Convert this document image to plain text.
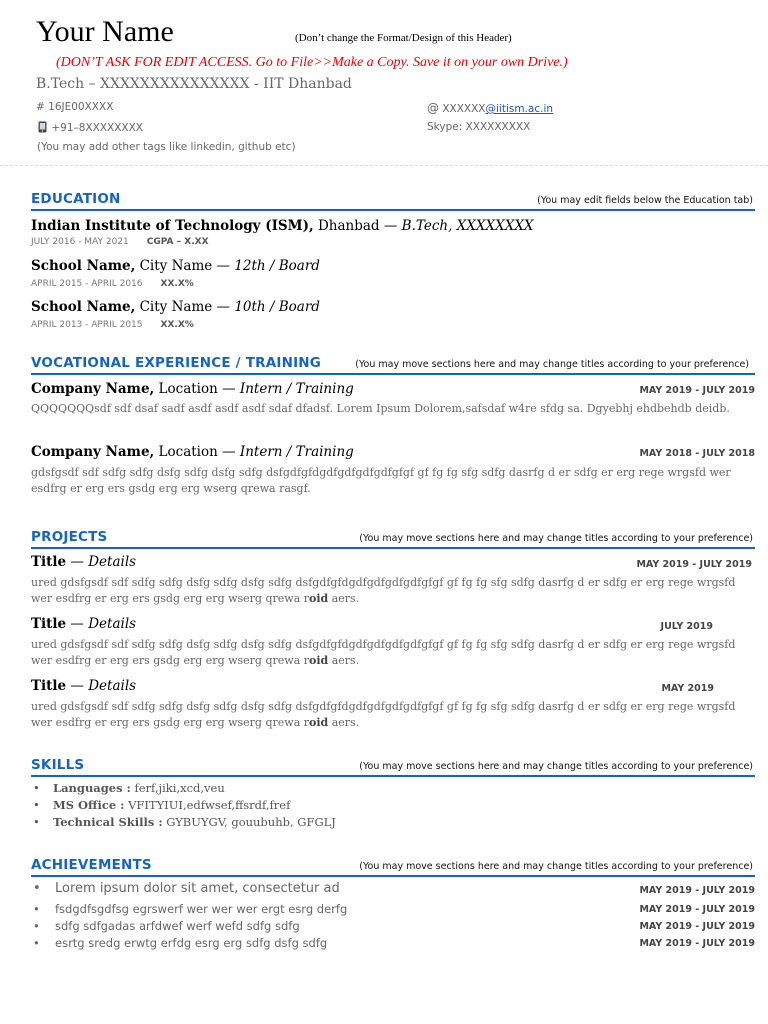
Your Name	(Don’t change the Format/Design of this Header)
(DON’T ASK FOR EDIT ACCESS. Go to File>>Make a Copy. Save it on your own Drive.)
B.Tech – XXXXXXXXXXXXXXX - IIT Dhanbad
# 16JE00XXXX	@ XXXXXX@iitism.ac.in
+91–8XXXXXXXX	Skype: XXXXXXXXX
(You may add other tags like linkedin, github etc)
EDUCATION	(You may edit fields below the Education tab)
Indian Institute of Technology (ISM), Dhanbad — B.Tech, XXXXXXXX
JULY 2016 - MAY 2021 CGPA – X.XX
School Name, City Name — 12th / Board
APRIL 2015 - APRIL 2016 XX.X%
School Name, City Name — 10th / Board
APRIL 2013 - APRIL 2015 XX.X%
VOCATIONAL EXPERIENCE / TRAINING	(You may move sections here and may change titles according to your preference)
Company Name, Location — Intern / Training	MAY 2019 - JULY 2019
QQQQQQQsdf sdf dsaf sadf asdf asdf asdf sdaf dfadsf. Lorem Ipsum Dolorem,safsdaf w4re sfdg sa. Dgyebhj ehdbehdb deidb.
Company Name, Location — Intern / Training	MAY 2018 - JULY 2018
gdsfgsdf sdf sdfg sdfg dsfg sdfg dsfg sdfg dsfgdfgfdgdfgdfgdfgdfgfgf gf fg fg sfg sdfg dasrfg d er sdfg er erg rege wrgsfd wer esdfrg er erg ers gsdg erg erg wserg qrewa rasgf.
PROJECTS	(You may move sections here and may change titles according to your preference)
Title — Details	MAY 2019 - JULY 2019
ured gdsfgsdf sdf sdfg sdfg dsfg sdfg dsfg sdfg dsfgdfgfdgdfgdfgdfgdfgfgf gf fg fg sfg sdfg dasrfg d er sdfg er erg rege wrgsfd wer esdfrg er erg ers gsdg erg erg wserg qrewa roid aers.
Title — Details	JULY 2019
ured gdsfgsdf sdf sdfg sdfg dsfg sdfg dsfg sdfg dsfgdfgfdgdfgdfgdfgdfgfgf gf fg fg sfg sdfg dasrfg d er sdfg er erg rege wrgsfd wer esdfrg er erg ers gsdg erg erg wserg qrewa roid aers.
Title — Details	MAY 2019
ured gdsfgsdf sdf sdfg sdfg dsfg sdfg dsfg sdfg dsfgdfgfdgdfgdfgdfgdfgfgf gf fg fg sfg sdfg dasrfg d er sdfg er erg rege wrgsfd wer esdfrg er erg ers gsdg erg erg wserg qrewa roid aers.
SKILLS	(You may move sections here and may change titles according to your preference)
• Languages : ferf,jiki,xcd,veu
• MS Office : VFITYIUI,edfwsef,ffsrdf,fref
• Technical Skills : GYBUYGV, gouubuhb, GFGLJ
ACHIEVEMENTS	(You may move sections here and may change titles according to your preference)
• Lorem ipsum dolor sit amet, consectetur ad	MAY 2019 - JULY 2019
• fsdgdfsgdfsg egrswerf wer wer wer ergt esrg derfg	MAY 2019 - JULY 2019
• sdfg sdfgadas arfdwef werf wefd sdfg sdfg	MAY 2019 - JULY 2019
• esrtg sredg erwtg erfdg esrg erg sdfg dsfg sdfg	MAY 2019 - JULY 2019
